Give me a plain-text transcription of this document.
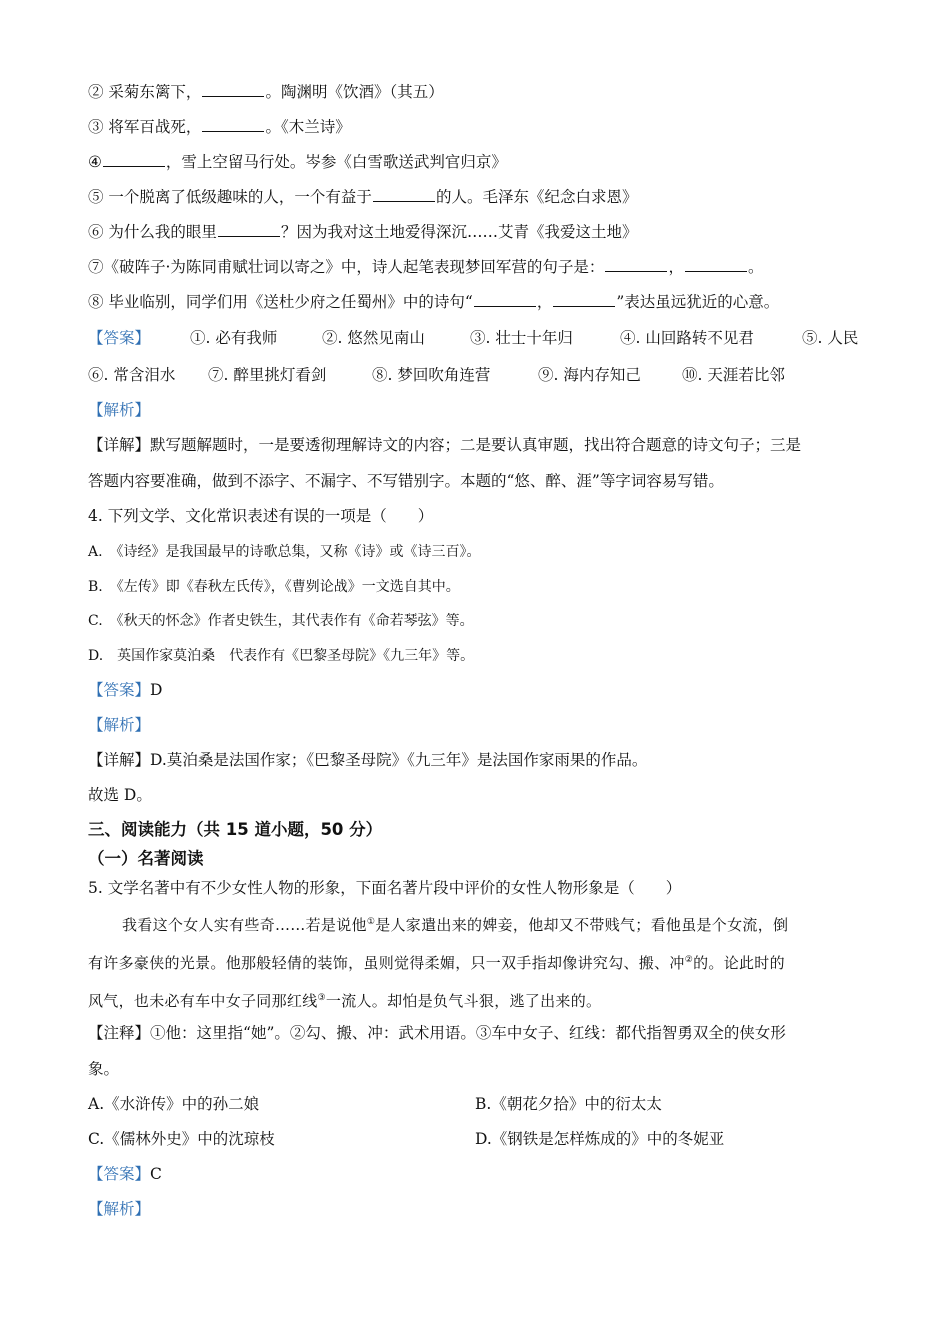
② 采菊东篱下，	。陶渊明《饮酒》（其五）
③ 将军百战死，	。《木兰诗》
④	，雪上空留马行处。岑参《白雪歌送武判官归京》
⑤ 一个脱离了低级趣味的人，一个有益于	的人。毛泽东《纪念白求恩》
⑥ 为什么我的眼里	？因为我对这土地爱得深沉……艾青《我爱这土地》
⑦《破阵子·为陈同甫赋壮词以寄之》中，诗人起笔表现梦回军营的句子是：	，	。
⑧ 毕业临别，同学们用《送杜少府之任蜀州》中的诗句“	，	”表达虽远犹近的心意。
【答案】	①. 必有我师	②. 悠然见南山	③. 壮士十年归	④. 山回路转不见君	⑤. 人民
⑥. 常含泪水 ⑦. 醉里挑灯看剑	⑧. 梦回吹角连营	⑨. 海内存知己	⑩. 天涯若比邻
【解析】
【详解】默写题解题时，一是要透彻理解诗文的内容；二是要认真审题，找出符合题意的诗文句子；三是
答题内容要准确，做到不添字、不漏字、不写错别字。本题的“悠、醉、涯”等字词容易写错。
4. 下列文学、文化常识表述有误的一项是（　　）
A.　《诗经》是我国最早的诗歌总集，又称《诗》或《诗三百》。
B.　《左传》即《春秋左氏传》，《曹刿论战》一文选自其中。
C.　《秋天的怀念》作者史铁生，其代表作有《命若琴弦》等。
D.　英国作家莫泊桑　代表作有《巴黎圣母院》《九三年》等。
【答案】D
【解析】
【详解】D.莫泊桑是法国作家；《巴黎圣母院》《九三年》是法国作家雨果的作品。
故选 D。
三、阅读能力（共 15 道小题，50 分）
（一）名著阅读
5. 文学名著中有不少女性人物的形象，下面名著片段中评价的女性人物形象是（　　）
我看这个女人实有些奇……若是说他①是人家遣出来的婢妾，他却又不带贱气；看他虽是个女流，倒
有许多豪侠的光景。他那般轻倩的装饰，虽则觉得柔媚，只一双手指却像讲究勾、搬、冲②的。论此时的
风气，也未必有车中女子同那红线③一流人。却怕是负气斗狠，逃了出来的。
【注释】①他：这里指“她”。②勾、搬、冲：武术用语。③车中女子、红线：都代指智勇双全的侠女形
象。
A.《水浒传》中的孙二娘	B.《朝花夕拾》中的衍太太
C.《儒林外史》中的沈琼枝	D.《钢铁是怎样炼成的》中的冬妮亚
【答案】C
【解析】
